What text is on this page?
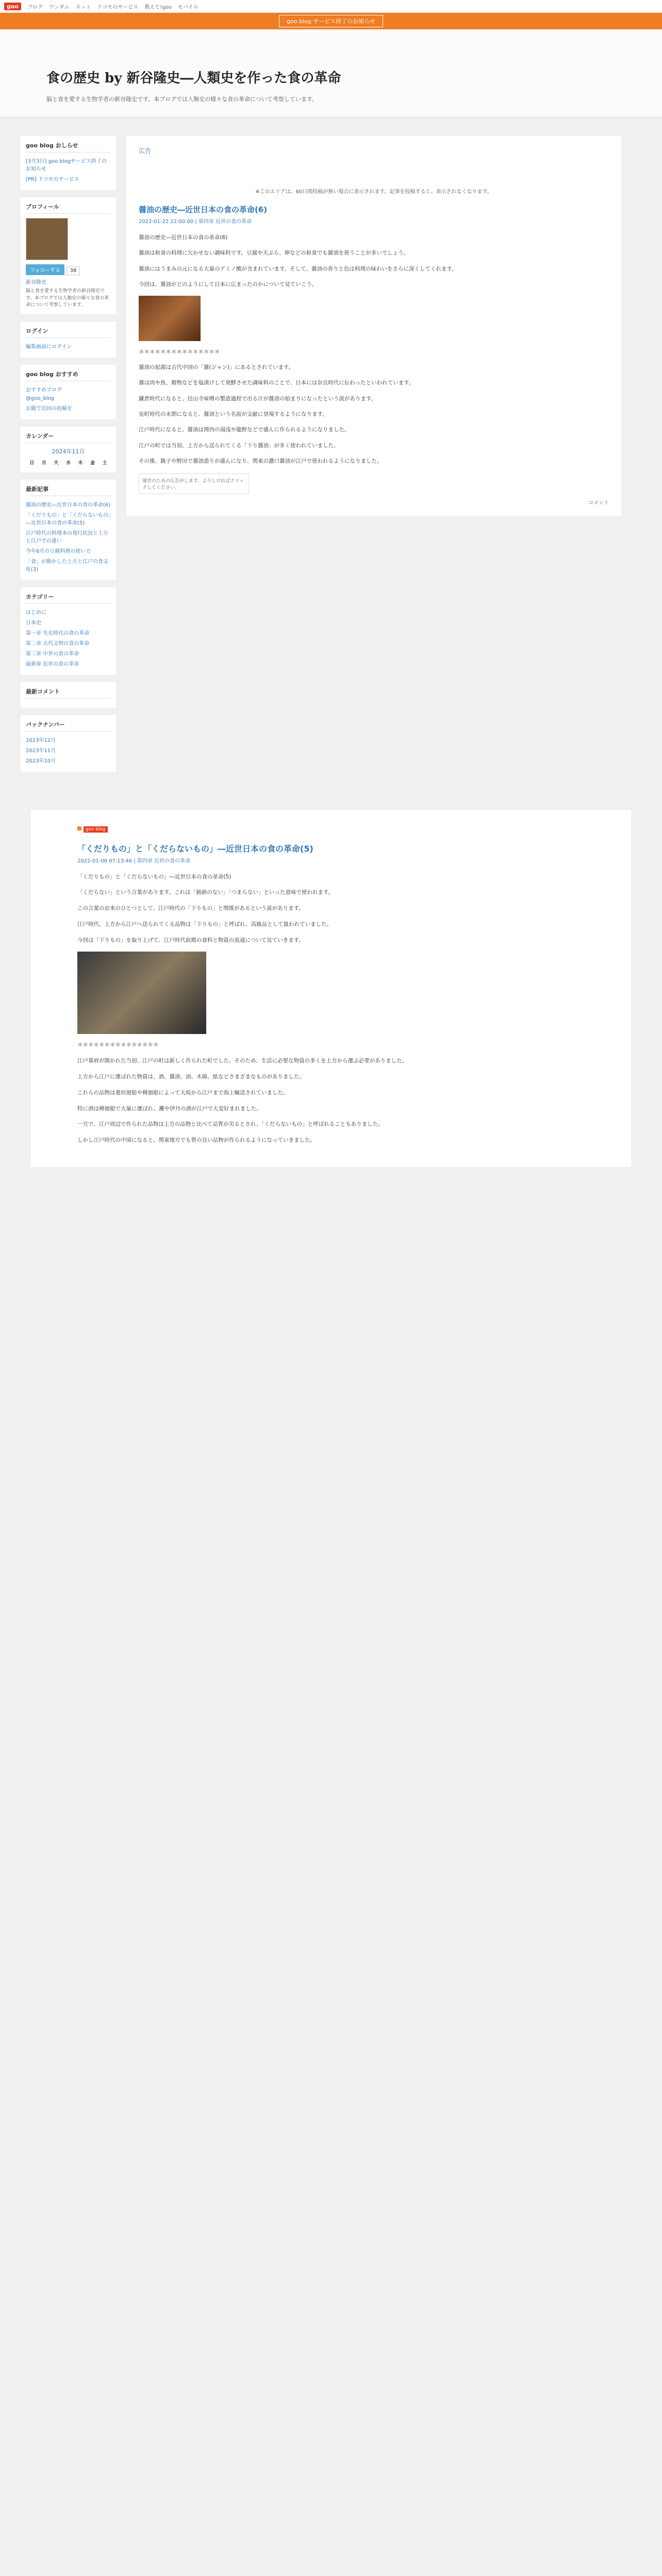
goo	ブログ ワンダム ネット ドコモのサービス 教えて!goo モバイル
goo blog サービス終了のお知らせ
食の歴史 by 新谷隆史―人類史を作った食の革命
脳と食を愛する生物学者の新谷隆史です。本ブログでは人類史の様々な食の革命について考察しています。
goo blog おしらせ
[3月3日] goo blogサービス終了のお知らせ
[PR] ドコモのサービス
プロフィール
フォローする 38
新谷隆史
脳と食を愛する生物学者の新谷隆史です。本ブログでは人類史の様々な食の革命について考察しています。
ログイン
編集画面にログイン
goo blog おすすめ
おすすめブログ
@goo_blog
お題で次回の投稿を
カレンダー
2024年11月
日	月	火	水	木	金	土
最新記事
醤油の歴史―近世日本の食の革命(6)
「くだりもの」と「くだらないもの」―近世日本の食の革命(5)
江戸時代の料理本の発行状況と上方と江戸での違い
今年6月の豆腐料理の使い方
「食」が動かした上方と江戸の食文化(3)
カテゴリー
はじめに
日本史
第一章 先史時代の食の革命
第二章 古代文明の食の革命
第三章 中世の食の革命
最新着 近世の食の革命
最新コメント
バックナンバー
2023年12月
2023年11月
2023年10月
広告
※このエリアは、60日間投稿が無い場合に表示されます。記事を投稿すると、表示されなくなります。
醤油の歴史―近世日本の食の革命(6)
2022-01-22 22:00:00 | 第四章 近世の食の革命

醤油の歴史―近世日本の食の革命(6)

醤油は和食の料理に欠かせない調味料です。豆腐や天ぷら、卵などの和食でも醤油を使うことが多いでしょう。

醤油にはうまみの元になる大量のアミノ酸が含まれています。そして、醤油の香りと色は料理の味わいをさらに深くしてくれます。

今回は、醤油がどのようにして日本に広まったのかについて見ていこう。

＊＊＊＊＊＊＊＊＊＊＊＊＊＊＊

醤油の起源は古代中国の「醤(ジャン)」にあるとされています。

醤は肉や魚、穀物などを塩漬けして発酵させた調味料のことで、日本には奈良時代に伝わったといわれています。

鎌倉時代になると、径山寺味噌の製造過程で出る汁が醤油の始まりになったという説があります。

室町時代の末期になると、醤油という名前が文献に登場するようになります。

江戸時代になると、醤油は関西の湯浅や龍野などで盛んに作られるようになりました。

江戸の町では当初、上方から送られてくる「下り醤油」が多く使われていました。

その後、銚子や野田で醤油造りが盛んになり、関東の濃口醤油が江戸で使われるようになりました。

運営のための広告がします。よろしければクリックしてください。
コメント
goo blog
「くだりもの」と「くだらないもの」―近世日本の食の革命(5)
2022-01-06 07:13:46 | 第四章 近世の食の革命

「くだりもの」と「くだらないもの」―近世日本の食の革命(5)

「くだらない」という言葉があります。これは「価値のない」「つまらない」といった意味で使われます。

この言葉の由来のひとつとして、江戸時代の「下りもの」と関係があるという説があります。

江戸時代、上方から江戸へ送られてくる品物は「下りもの」と呼ばれ、高級品として扱われていました。

今回は「下りもの」を取り上げて、江戸時代前期の食料と物資の流通について見ていきます。

＊＊＊＊＊＊＊＊＊＊＊＊＊＊＊

江戸幕府が開かれた当初、江戸の町は新しく作られた町でした。そのため、生活に必要な物資の多くを上方から運ぶ必要がありました。

上方から江戸に運ばれた物資は、酒、醤油、油、木綿、紙などさまざまなものがありました。

これらの品物は菱垣廻船や樽廻船によって大坂から江戸まで海上輸送されていました。

特に酒は樽廻船で大量に運ばれ、灘や伊丹の酒が江戸で大変好まれました。

一方で、江戸周辺で作られた品物は上方の品物と比べて品質が劣るとされ、「くだらないもの」と呼ばれることもありました。

しかし江戸時代の中頃になると、関東地方でも質の良い品物が作られるようになっていきました。
